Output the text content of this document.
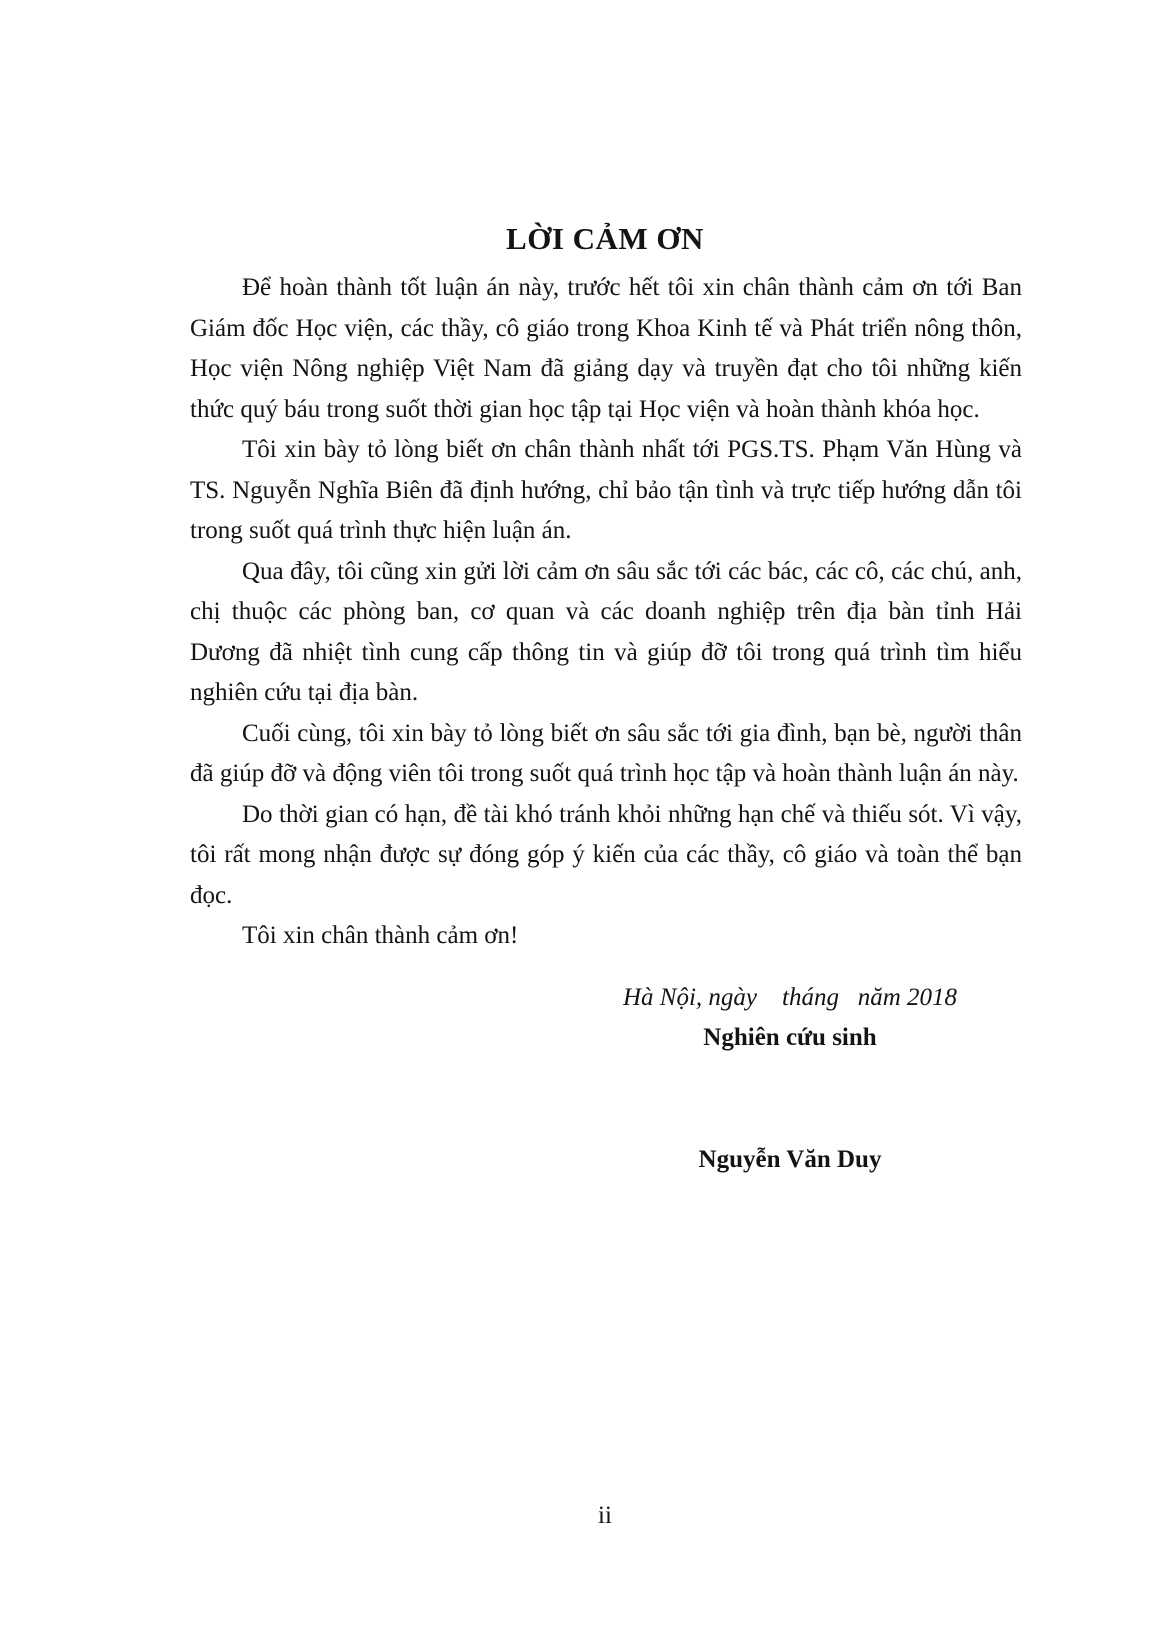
LỜI CẢM ƠN

Để hoàn thành tốt luận án này, trước hết tôi xin chân thành cảm ơn tới Ban Giám đốc Học viện, các thầy, cô giáo trong Khoa Kinh tế và Phát triển nông thôn, Học viện Nông nghiệp Việt Nam đã giảng dạy và truyền đạt cho tôi những kiến thức quý báu trong suốt thời gian học tập tại Học viện và hoàn thành khóa học.

Tôi xin bày tỏ lòng biết ơn chân thành nhất tới PGS.TS. Phạm Văn Hùng và TS. Nguyễn Nghĩa Biên đã định hướng, chỉ bảo tận tình và trực tiếp hướng dẫn tôi trong suốt quá trình thực hiện luận án.

Qua đây, tôi cũng xin gửi lời cảm ơn sâu sắc tới các bác, các cô, các chú, anh, chị thuộc các phòng ban, cơ quan và các doanh nghiệp trên địa bàn tỉnh Hải Dương đã nhiệt tình cung cấp thông tin và giúp đỡ tôi trong quá trình tìm hiểu nghiên cứu tại địa bàn.

Cuối cùng, tôi xin bày tỏ lòng biết ơn sâu sắc tới gia đình, bạn bè, người thân đã giúp đỡ và động viên tôi trong suốt quá trình học tập và hoàn thành luận án này.

Do thời gian có hạn, đề tài khó tránh khỏi những hạn chế và thiếu sót. Vì vậy, tôi rất mong nhận được sự đóng góp ý kiến của các thầy, cô giáo và toàn thể bạn đọc.

Tôi xin chân thành cảm ơn!

Hà Nội, ngày    tháng   năm 2018
Nghiên cứu sinh
Nguyễn Văn Duy
ii
